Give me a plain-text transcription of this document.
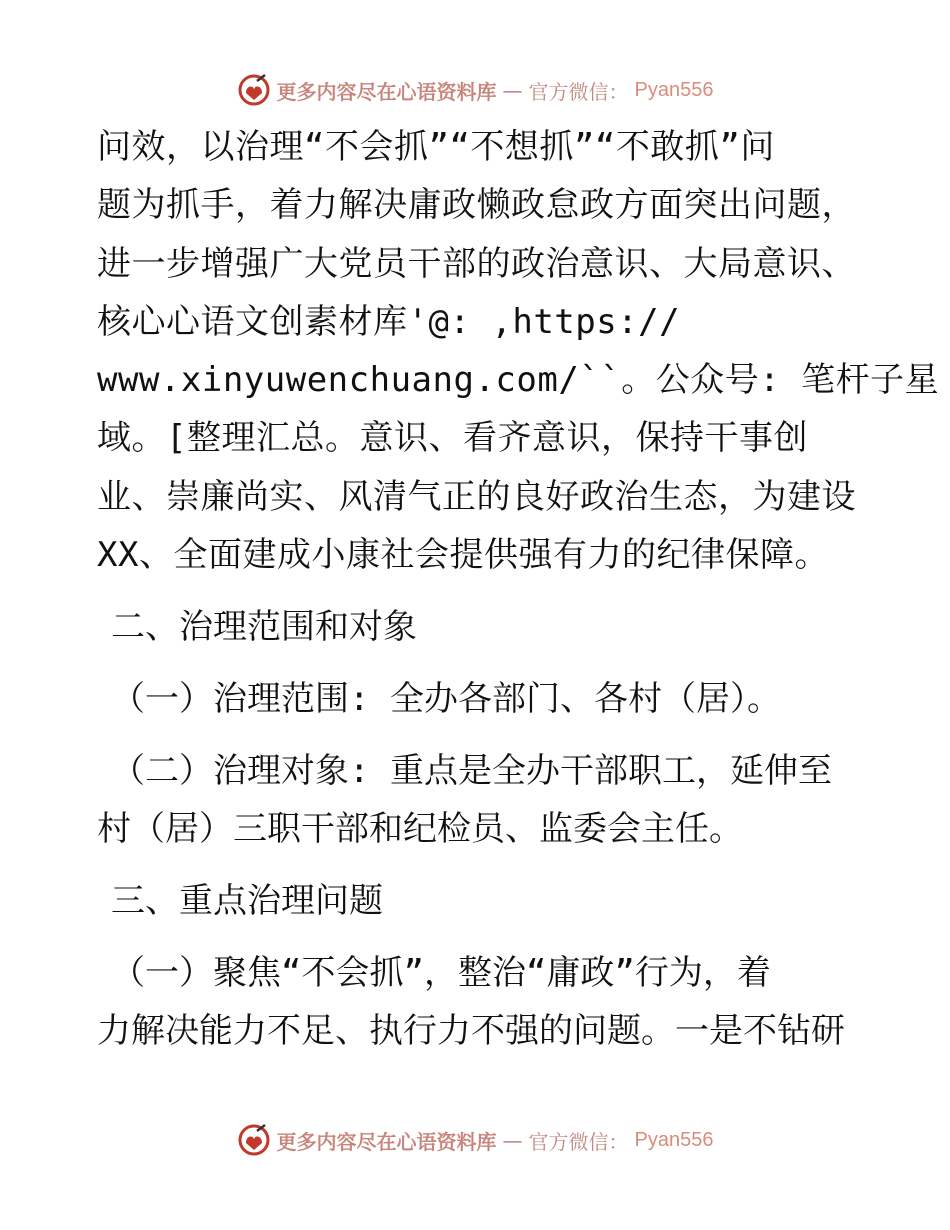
更多内容尽在心语资料库 — 官方微信： Pyan556

问效，以治理“不会抓”“不想抓”“不敢抓”问
题为抓手，着力解决庸政懒政怠政方面突出问题，
进一步增强广大党员干部的政治意识、大局意识、
核心心语文创素材库'@: ,https://
www.xinyuwenchuang.com/``。公众号: 笔杆子星
域。[整理汇总。意识、看齐意识，保持干事创
业、崇廉尚实、风清气正的良好政治生态，为建设
XX、全面建成小康社会提供强有力的纪律保障。

二、治理范围和对象

（一）治理范围: 全办各部门、各村（居）。

（二）治理对象: 重点是全办干部职工，延伸至
村（居）三职干部和纪检员、监委会主任。

三、重点治理问题

（一）聚焦“不会抓”，整治“庸政”行为，着
力解决能力不足、执行力不强的问题。一是不钻研

更多内容尽在心语资料库 — 官方微信： Pyan556
